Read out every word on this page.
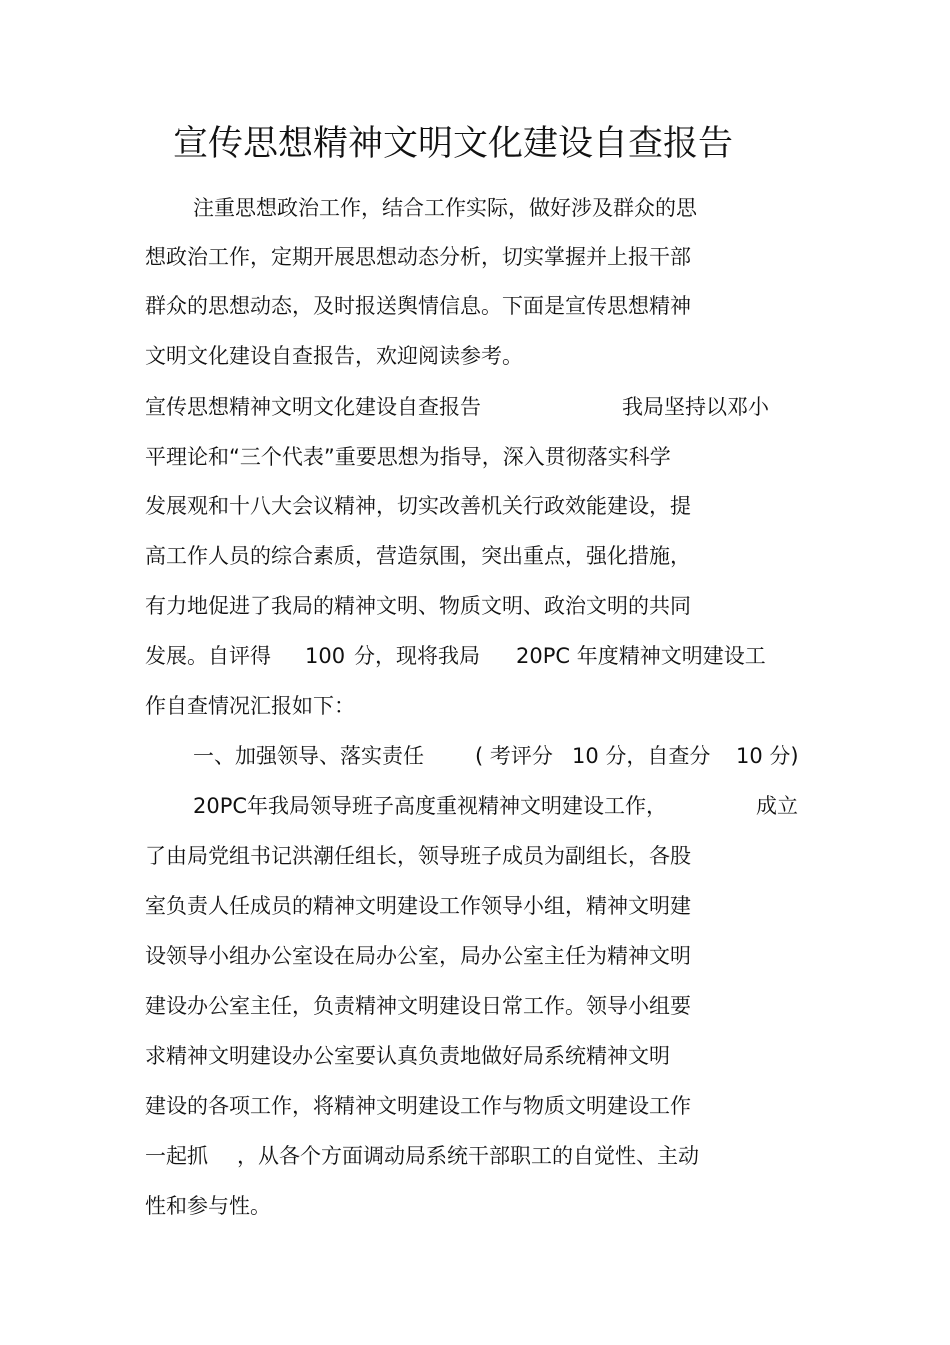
宣传思想精神文明文化建设自查报告
注重思想政治工作，结合工作实际，做好涉及群众的思
想政治工作，定期开展思想动态分析，切实掌握并上报干部
群众的思想动态，及时报送舆情信息。下面是宣传思想精神
文明文化建设自查报告，欢迎阅读参考。

宣传思想精神文明文化建设自查报告

	我局坚持以邓小

平理论和“三个代表”重要思想为指导，深入贯彻落实科学
发展观和十八大会议精神，切实改善机关行政效能建设，提
高工作人员的综合素质，营造氛围，突出重点，强化措施，
有力地促进了我局的精神文明、物质文明、政治文明的共同

发展。自评得

100

分，现将我局

20PC 年度精神文明建设工

作自查情况汇报如下：

一、加强领导、落实责任

( 考评分

10 分，自查分

10 分)

20PC年我局领导班子高度重视精神文明建设工作，

	成立

了由局党组书记洪潮任组长，领导班子成员为副组长，各股
室负责人任成员的精神文明建设工作领导小组，精神文明建
设领导小组办公室设在局办公室，局办公室主任为精神文明
建设办公室主任，负责精神文明建设日常工作。领导小组要
求精神文明建设办公室要认真负责地做好局系统精神文明
建设的各项工作，将精神文明建设工作与物质文明建设工作

一起抓

，从各个方面调动局系统干部职工的自觉性、主动

性和参与性。
